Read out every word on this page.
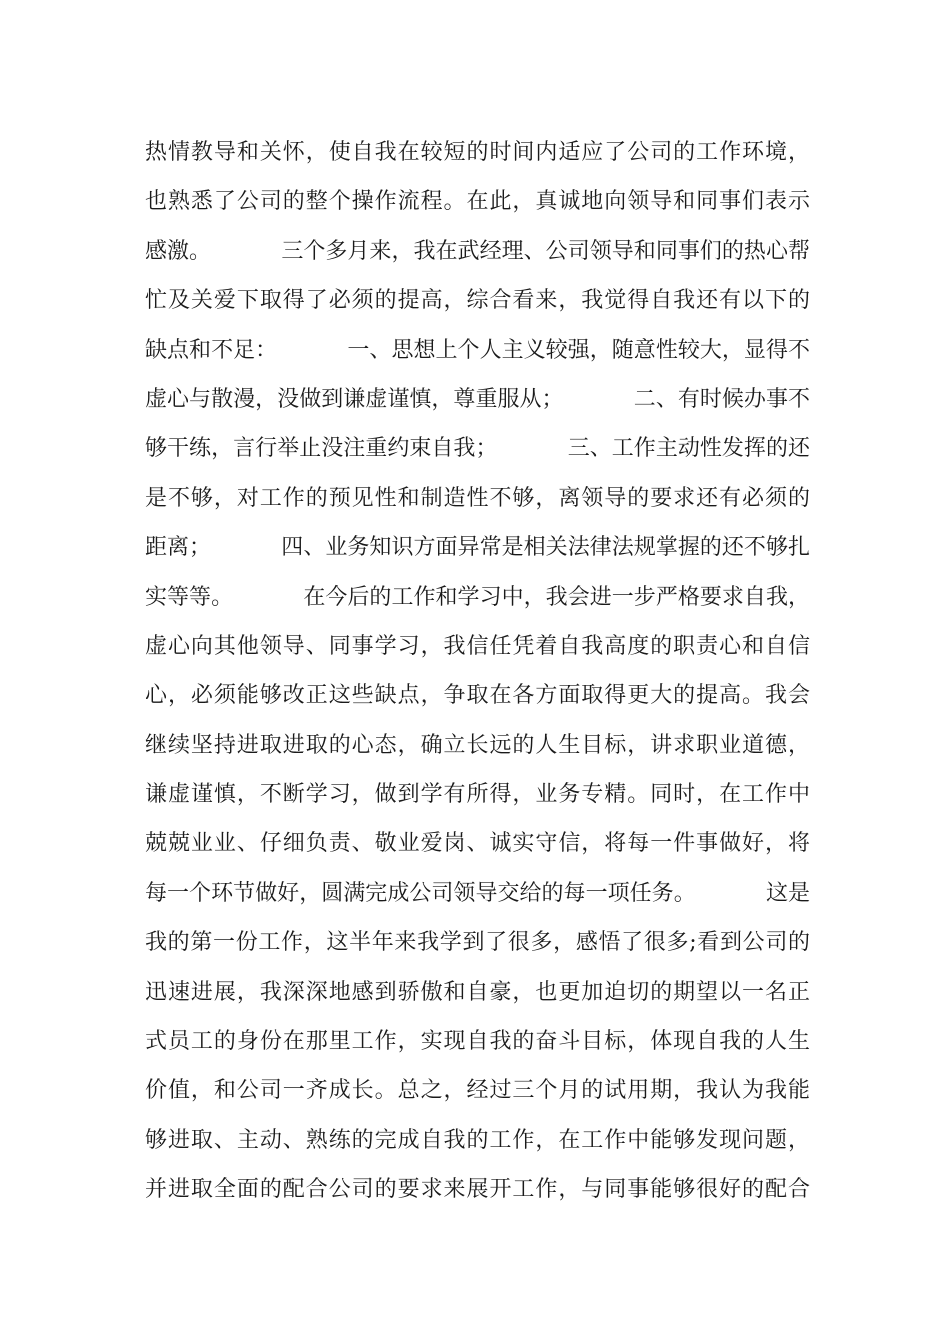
热情教导和关怀，使自我在较短的时间内适应了公司的工作环境，
也熟悉了公司的整个操作流程。在此，真诚地向领导和同事们表示
感激。          三个多月来，我在武经理、公司领导和同事们的热心帮
忙及关爱下取得了必须的提高，综合看来，我觉得自我还有以下的
缺点和不足：          一、思想上个人主义较强，随意性较大，显得不
虚心与散漫，没做到谦虚谨慎，尊重服从；          二、有时候办事不
够干练，言行举止没注重约束自我；          三、工作主动性发挥的还
是不够，对工作的预见性和制造性不够，离领导的要求还有必须的
距离；          四、业务知识方面异常是相关法律法规掌握的还不够扎
实等等。          在今后的工作和学习中，我会进一步严格要求自我，
虚心向其他领导、同事学习，我信任凭着自我高度的职责心和自信
心，必须能够改正这些缺点，争取在各方面取得更大的提高。我会
继续坚持进取进取的心态，确立长远的人生目标，讲求职业道德，
谦虚谨慎，不断学习，做到学有所得，业务专精。同时，在工作中
兢兢业业、仔细负责、敬业爱岗、诚实守信，将每一件事做好，将
每一个环节做好，圆满完成公司领导交给的每一项任务。          这是
我的第一份工作，这半年来我学到了很多，感悟了很多;看到公司的
迅速进展，我深深地感到骄傲和自豪，也更加迫切的期望以一名正
式员工的身份在那里工作，实现自我的奋斗目标，体现自我的人生
价值，和公司一齐成长。总之，经过三个月的试用期，我认为我能
够进取、主动、熟练的完成自我的工作，在工作中能够发现问题，
并进取全面的配合公司的要求来展开工作，与同事能够很好的配合
